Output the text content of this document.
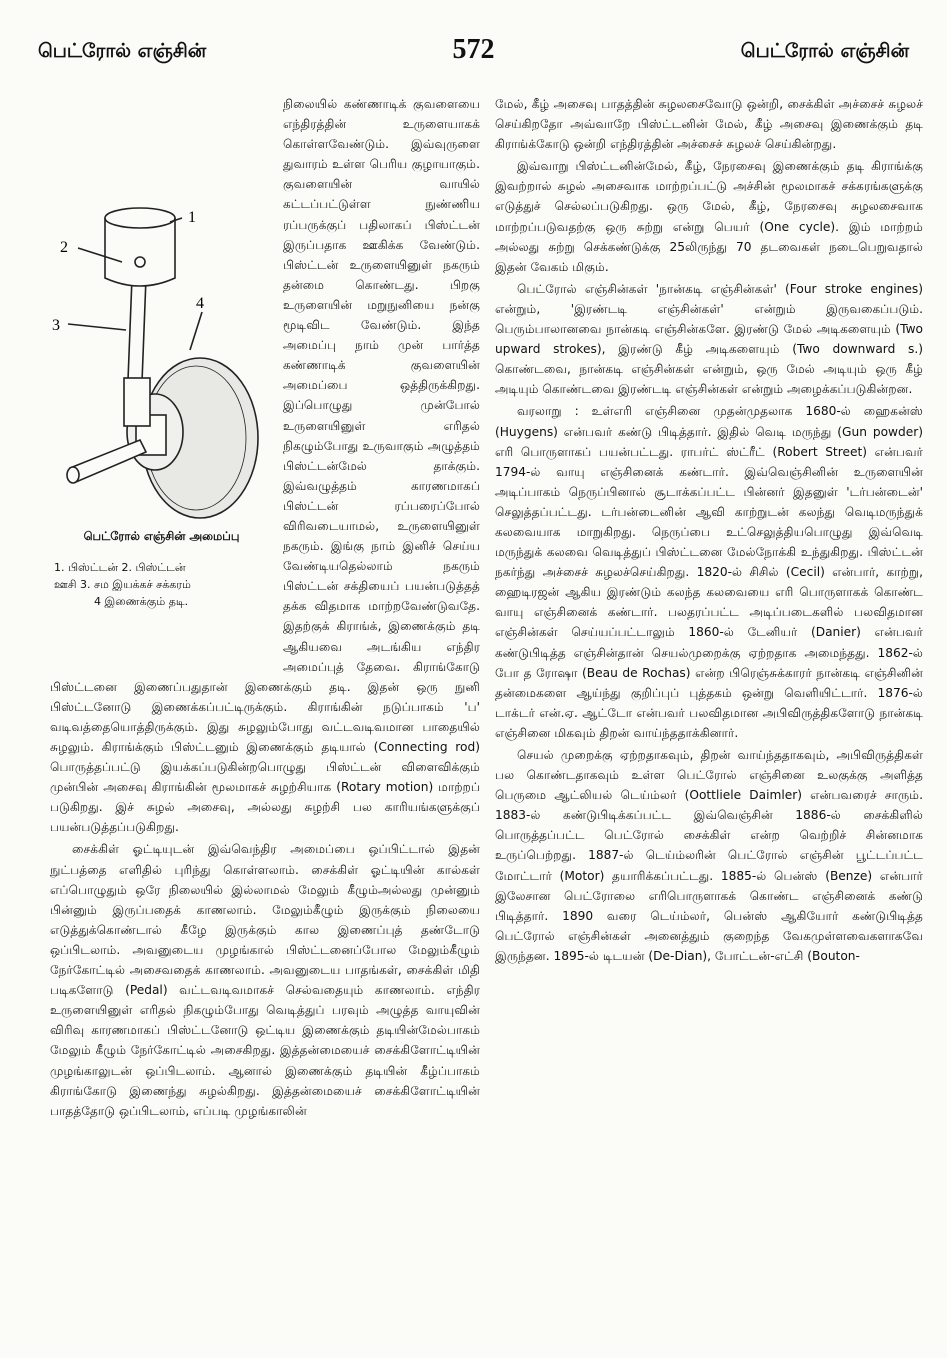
பெட்ரோல் எஞ்சின்	572	பெட்ரோல் எஞ்சின்
1
2
3
4
பெட்ரோல் எஞ்சின் அமைப்பு
1. பிஸ்ட்டன் 2. பிஸ்ட்டன்
ஊசி 3. சம இயக்கச் சக்கரம்
4 இணைக்கும் தடி.

நிலையில் கண்ணாடிக் குவளையை எந்திரத்தின் உருளையாகக் கொள்ளவேண்டும். இவ்வுருளை துவாரம் உள்ள பெரிய குழாயாகும். குவளையின் வாயில் கட்டப்பட்டுள்ள நுண்ணிய ரப்பருக்குப் பதிலாகப் பிஸ்ட்டன் இருப்பதாக ஊகிக்க வேண்டும். பிஸ்ட்டன் உருளையினுள் நகரும் தன்மை கொண்டது. பிறகு உருளையின் மறுநுனியை நன்கு மூடிவிட வேண்டும். இந்த அமைப்பு நாம் முன் பார்த்த கண்ணாடிக் குவளையின் அமைப்பை ஒத்திருக்கிறது. இப்பொழுது முன்போல் உருளையினுள் எரிதல் நிகழும்போது உருவாகும் அழுத்தம் பிஸ்ட்டன்மேல் தாக்கும். இவ்வழுத்தம் காரணமாகப் பிஸ்ட்டன் ரப்பரைப்போல் விரிவடையாமல், உருளையினுள் நகரும். இங்கு நாம் இனிச் செய்ய வேண்டியதெல்லாம் நகரும் பிஸ்ட்டன் சக்தியைப் பயன்படுத்தத் தக்க விதமாக மாற்றவேண்டுவதே. இதற்குக் கிராங்க், இணைக்கும் தடி ஆகியவை அடங்கிய எந்திர அமைப்புத் தேவை. கிராங்கோடு பிஸ்ட்டனை இணைப்பதுதான் இணைக்கும் தடி. இதன் ஒரு நுனி பிஸ்ட்டனோடு இணைக்கப்பட்டிருக்கும். கிராங்கின் நடுப்பாகம் 'ப' வடிவத்தையொத்திருக்கும். இது சுழலும்போது வட்டவடிவமான பாதையில் சுழலும். கிராங்க்கும் பிஸ்ட்டனும் இணைக்கும் தடியால் (Connecting rod) பொருத்தப்பட்டு இயக்கப்படுகின்றபொழுது பிஸ்ட்டன் விளைவிக்கும் முன்பின் அசைவு கிராங்கின் மூலமாகச் சுழற்சியாக (Rotary motion) மாற்றப் படுகிறது. இச் சுழல் அசைவு, அல்லது சுழற்சி பல காரியங்களுக்குப் பயன்படுத்தப்படுகிறது.

சைக்கிள் ஓட்டியுடன் இவ்வெந்திர அமைப்பை ஒப்பிட்டால் இதன் நுட்பத்தை எளிதில் புரிந்து கொள்ளலாம். சைக்கிள் ஓட்டியின் கால்கள் எப்பொழுதும் ஒரே நிலையில் இல்லாமல் மேலும் கீழும்அல்லது முன்னும் பின்னும் இருப்பதைக் காணலாம். மேலும்கீழும் இருக்கும் நிலையை எடுத்துக்கொண்டால் கீழே இருக்கும் கால இணைப்புத் தண்டோடு ஒப்பிடலாம். அவனுடைய முழங்கால் பிஸ்ட்டனைப்போல மேலும்கீழும் நேர்கோட்டில் அசைவதைக் காணலாம். அவனுடைய பாதங்கள், சைக்கிள் மிதி படிகளோடு (Pedal) வட்டவடிவமாகச் செல்வதையும் காணலாம். எந்திர உருளையினுள் எரிதல் நிகழும்போது வெடித்துப் பரவும் அழுத்த வாயுவின் விரிவு காரணமாகப் பிஸ்ட்டனோடு ஒட்டிய இணைக்கும் தடியின்மேல்பாகம் மேலும் கீழும் நேர்கோட்டில் அசைகிறது. இத்தன்மையைச் சைக்கிளோட்டியின் முழங்காலுடன் ஒப்பிடலாம். ஆனால் இணைக்கும் தடியின் கீழ்ப்பாகம் கிராங்கோடு இணைந்து சுழல்கிறது. இத்தன்மையைச் சைக்கிளோட்டியின் பாதத்தோடு ஒப்பிடலாம், எப்படி முழங்காலின்

மேல், கீழ் அசைவு பாதத்தின் சுழலசைவோடு ஒன்றி, சைக்கிள் அச்சைச் சுழலச் செய்கிறதோ அவ்வாறே பிஸ்ட்டனின் மேல், கீழ் அசைவு இணைக்கும் தடி கிராங்க்கோடு ஒன்றி எந்திரத்தின் அச்சைச் சுழலச் செய்கின்றது.

இவ்வாறு பிஸ்ட்டனின்மேல், கீழ், நேரசைவு இணைக்கும் தடி கிராங்க்கு இவற்றால் சுழல் அசைவாக மாற்றப்பட்டு அச்சின் மூலமாகச் சக்கரங்களுக்கு எடுத்துச் செல்லப்படுகிறது. ஒரு மேல், கீழ், நேரசைவு சுழலசைவாக மாற்றப்படுவதற்கு ஒரு சுற்று என்று பெயர் (One cycle). இம் மாற்றம் அல்லது சுற்று செக்கண்டுக்கு 25லிருந்து 70 தடவைகள் நடைபெறுவதால் இதன் வேகம் மிகும்.

பெட்ரோல் எஞ்சின்கள் 'நான்கடி எஞ்சின்கள்' (Four stroke engines) என்றும், 'இரண்டடி எஞ்சின்கள்' என்றும் இருவகைப்படும். பெரும்பாலானவை நான்கடி எஞ்சின்களே. இரண்டு மேல் அடிகளையும் (Two upward strokes), இரண்டு கீழ் அடிகளையும் (Two downward s.) கொண்டவை, நான்கடி எஞ்சின்கள் என்றும், ஒரு மேல் அடியும் ஒரு கீழ் அடியும் கொண்டவை இரண்டடி எஞ்சின்கள் என்றும் அழைக்கப்படுகின்றன.

வரலாறு : உள்எரி எஞ்சினை முதன்முதலாக 1680-ல் ஹைகன்ஸ் (Huygens) என்பவர் கண்டு பிடித்தார். இதில் வெடி மருந்து (Gun powder) எரி பொருளாகப் பயன்பட்டது. ராபர்ட் ஸ்ட்ரீட் (Robert Street) என்பவர் 1794-ல் வாயு எஞ்சினைக் கண்டார். இவ்வெஞ்சினின் உருளையின் அடிப்பாகம் நெருப்பினால் சூடாக்கப்பட்ட பின்னர் இதனுள் 'டர்பன்டைன்' செலுத்தப்பட்டது. டர்பன்டைனின் ஆவி காற்றுடன் கலந்து வெடிமருந்துக் கலவையாக மாறுகிறது. நெருப்பை உட்செலுத்தியபொழுது இவ்வெடி மருந்துக் கலவை வெடித்துப் பிஸ்ட்டனை மேல்நோக்கி உந்துகிறது. பிஸ்ட்டன் நகர்ந்து அச்சைச் சுழலச்செய்கிறது. 1820-ல் சிசில் (Cecil) என்பார், காற்று, ஹைடிரஜன் ஆகிய இரண்டும் கலந்த கலவையை எரி பொருளாகக் கொண்ட வாயு எஞ்சினைக் கண்டார். பலதரப்பட்ட அடிப்படைகளில் பலவிதமான எஞ்சின்கள் செய்யப்பட்டாலும் 1860-ல் டேனியர் (Danier) என்பவர் கண்டுபிடித்த எஞ்சின்தான் செயல்முறைக்கு ஏற்றதாக அமைந்தது. 1862-ல் போ த ரோஷா (Beau de Rochas) என்ற பிரெஞ்சுக்காரர் நான்கடி எஞ்சினின் தன்மைகளை ஆய்ந்து குறிப்புப் புத்தகம் ஒன்று வெளியிட்டார். 1876-ல் டாக்டர் என்.ஏ. ஆட்டோ என்பவர் பலவிதமான அபிவிருத்திகளோடு நான்கடி எஞ்சினை மிகவும் திறன் வாய்ந்ததாக்கினார்.

செயல் முறைக்கு ஏற்றதாகவும், திறன் வாய்ந்ததாகவும், அபிவிருத்திகள் பல கொண்டதாகவும் உள்ள பெட்ரோல் எஞ்சினை உலகுக்கு அளித்த பெருமை ஆட்லியல் டெய்ம்லர் (Oottliele Daimler) என்பவரைச் சாரும். 1883-ல் கண்டுபிடிக்கப்பட்ட இவ்வெஞ்சின் 1886-ல் சைக்கிளில் பொருத்தப்பட்ட பெட்ரோல் சைக்கிள் என்ற வெற்றிச் சின்னமாக உருப்பெற்றது. 1887-ல் டெய்ம்லரின் பெட்ரோல் எஞ்சின் பூட்டப்பட்ட மோட்டார் (Motor) தயாரிக்கப்பட்டது. 1885-ல் பென்ஸ் (Benze) என்பார் இலேசான பெட்ரோலை எரிபொருளாகக் கொண்ட எஞ்சினைக் கண்டு பிடித்தார். 1890 வரை டெய்ம்லர், பென்ஸ் ஆகியோர் கண்டுபிடித்த பெட்ரோல் எஞ்சின்கள் அனைத்தும் குறைந்த வேகமுள்ளவைகளாகவே இருந்தன. 1895-ல் டிடயன் (De-Dian), போட்டன்-எட்சி (Bouton-
